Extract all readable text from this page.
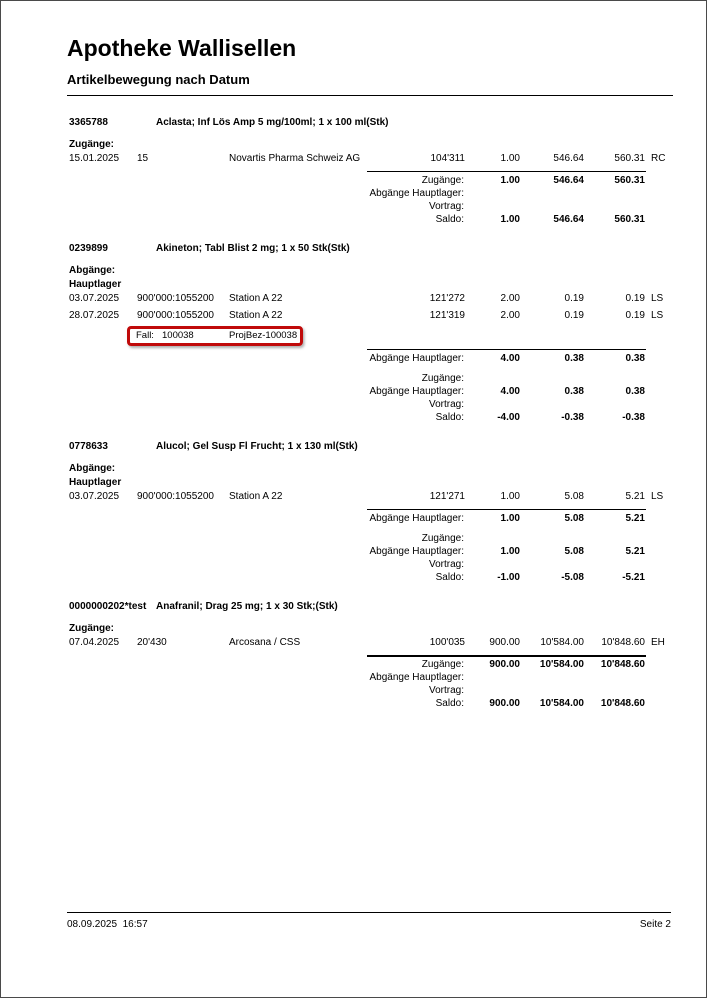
Apotheke Wallisellen
Artikelbewegung nach Datum
3365788	Aclasta; Inf Lös Amp 5 mg/100ml; 1 x 100 ml(Stk)
Zugänge:
15.01.2025 15	Novartis Pharma Schweiz AG	104'311	1.00	546.64	560.31 RC
Zugänge:	1.00	546.64	560.31
Abgänge Hauptlager:
Vortrag:
Saldo:	1.00	546.64	560.31
0239899	Akineton; Tabl Blist 2 mg; 1 x 50 Stk(Stk)
Abgänge:
Hauptlager
03.07.2025 900'000:1055200 Station A 22	121'272	2.00	0.19	0.19 LS
28.07.2025 900'000:1055200 Station A 22	121'319	2.00	0.19	0.19 LS
Fall: 100038	ProjBez-100038
Abgänge Hauptlager:	4.00	0.38	0.38
Zugänge:
Abgänge Hauptlager:	4.00	0.38	0.38
Vortrag:
Saldo:	-4.00	-0.38	-0.38
0778633	Alucol; Gel Susp Fl Frucht; 1 x 130 ml(Stk)
Abgänge:
Hauptlager
03.07.2025 900'000:1055200 Station A 22	121'271	1.00	5.08	5.21 LS
Abgänge Hauptlager:	1.00	5.08	5.21
Zugänge:
Abgänge Hauptlager:	1.00	5.08	5.21
Vortrag:
Saldo:	-1.00	-5.08	-5.21
0000000202*test Anafranil; Drag 25 mg; 1 x 30 Stk;(Stk)
Zugänge:
07.04.2025 20'430	Arcosana / CSS	100'035 900.00 10'584.00 10'848.60 EH
Zugänge:	900.00 10'584.00 10'848.60
Abgänge Hauptlager:
Vortrag:
Saldo:	900.00 10'584.00 10'848.60
08.09.2025  16:57	Seite 2
